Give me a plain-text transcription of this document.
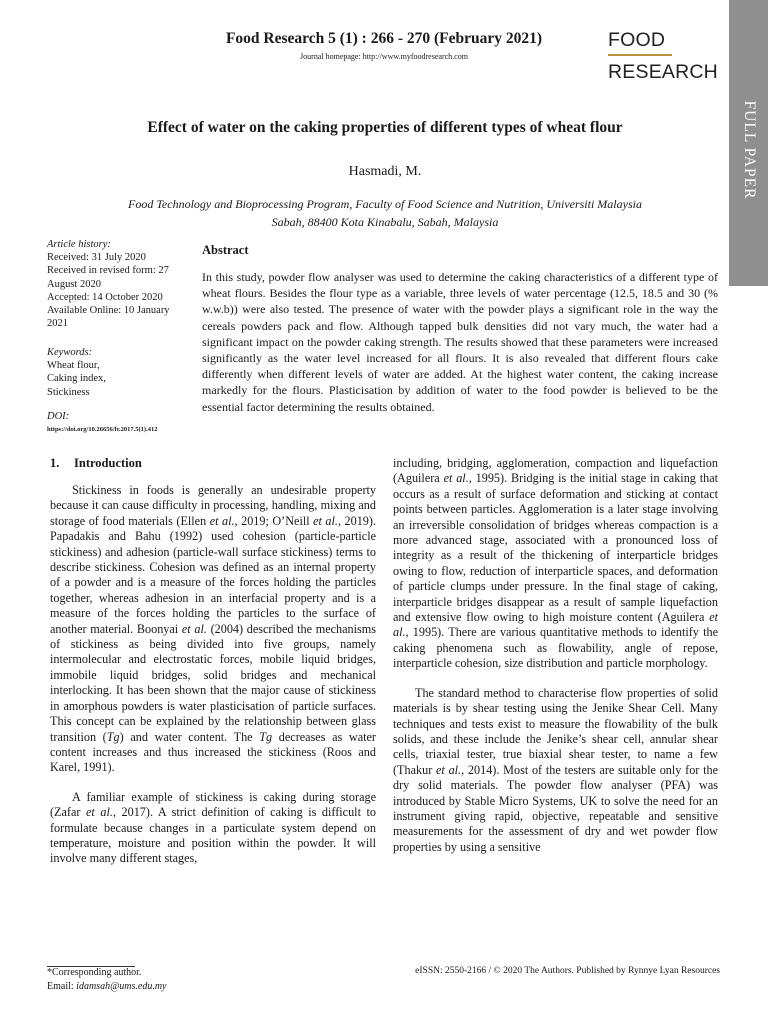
Food Research 5 (1) : 266 - 270 (February 2021)
Journal homepage: http://www.myfoodresearch.com
FOOD
RESEARCH
FULL PAPER
Effect of water on the caking properties of different types of wheat flour
Hasmadi, M.
Food Technology and Bioprocessing Program, Faculty of Food Science and Nutrition, Universiti Malaysia
Sabah, 88400 Kota Kinabalu, Sabah, Malaysia
Article history:
Received: 31 July 2020
Received in revised form: 27
August 2020
Accepted: 14 October 2020
Available Online: 10 January
2021
Keywords:
Wheat flour,
Caking index,
Stickiness
DOI:
https://doi.org/10.26656/fr.2017.5(1).412
Abstract
In this study, powder flow analyser was used to determine the caking characteristics of a different type of wheat flours. Besides the flour type as a variable, three levels of water percentage (12.5, 18.5 and 30 (% w.w.b)) were also tested. The presence of water with the powder plays a significant role in the way the cereals powders pack and flow. Although tapped bulk densities did not vary much, the water had a significant impact on the powder caking strength. The results showed that these parameters were increased significantly as the water level increased for all flours. It is also revealed that different flours cake differently when different levels of water are added. At the highest water content, the caking increase markedly for the flours. Plasticisation by addition of water to the food powder is believed to be the essential factor determining the results obtained.
1. Introduction

Stickiness in foods is generally an undesirable property because it can cause difficulty in processing, handling, mixing and storage of food materials (Ellen et al., 2019; O’Neill et al., 2019). Papadakis and Bahu (1992) used cohesion (particle-particle stickiness) and adhesion (particle-wall surface stickiness) terms to describe stickiness. Cohesion was defined as an internal property of a powder and is a measure of the forces holding the particles together, whereas adhesion in an interfacial property and is a measure of the forces holding the particles to the surface of another material. Boonyai et al. (2004) described the mechanisms of stickiness as being divided into five groups, namely intermolecular and electrostatic forces, mobile liquid bridges, immobile liquid bridges, solid bridges and mechanical interlocking. It has been shown that the major cause of stickiness in amorphous powders is water plasticisation of particle surfaces. This concept can be explained by the relationship between glass transition (Tg) and water content. The Tg decreases as water content increases and thus increased the stickiness (Roos and Karel, 1991).

A familiar example of stickiness is caking during storage (Zafar et al., 2017). A strict definition of caking is difficult to formulate because changes in a particulate system depend on temperature, moisture and position within the powder. It will involve many different stages,

including, bridging, agglomeration, compaction and liquefaction (Aguilera et al., 1995). Bridging is the initial stage in caking that occurs as a result of surface deformation and sticking at contact points between particles. Agglomeration is a later stage involving an irreversible consolidation of bridges whereas compaction is a more advanced stage, associated with a pronounced loss of integrity as a result of the thickening of interparticle bridges owing to flow, reduction of interparticle spaces, and deformation of particle clumps under pressure. In the final stage of caking, interparticle bridges disappear as a result of sample liquefaction and extensive flow owing to high moisture content (Aguilera et al., 1995). There are various quantitative methods to identify the caking phenomena such as flowability, angle of repose, interparticle cohesion, size distribution and particle morphology.

The standard method to characterise flow properties of solid materials is by shear testing using the Jenike Shear Cell. Many techniques and tests exist to measure the flowability of the bulk solids, and these include the Jenike’s shear cell, annular shear cells, triaxial tester, true biaxial shear tester, to name a few (Thakur et al., 2014). Most of the testers are suitable only for the dry solid materials. The powder flow analyser (PFA) was introduced by Stable Micro Systems, UK to solve the need for an instrument giving rapid, objective, repeatable and sensitive measurements for the assessment of dry and wet powder flow properties by using a sensitive

*Corresponding author.
Email: idamsah@ums.edu.my
eISSN: 2550-2166 / © 2020 The Authors. Published by Rynnye Lyan Resources
